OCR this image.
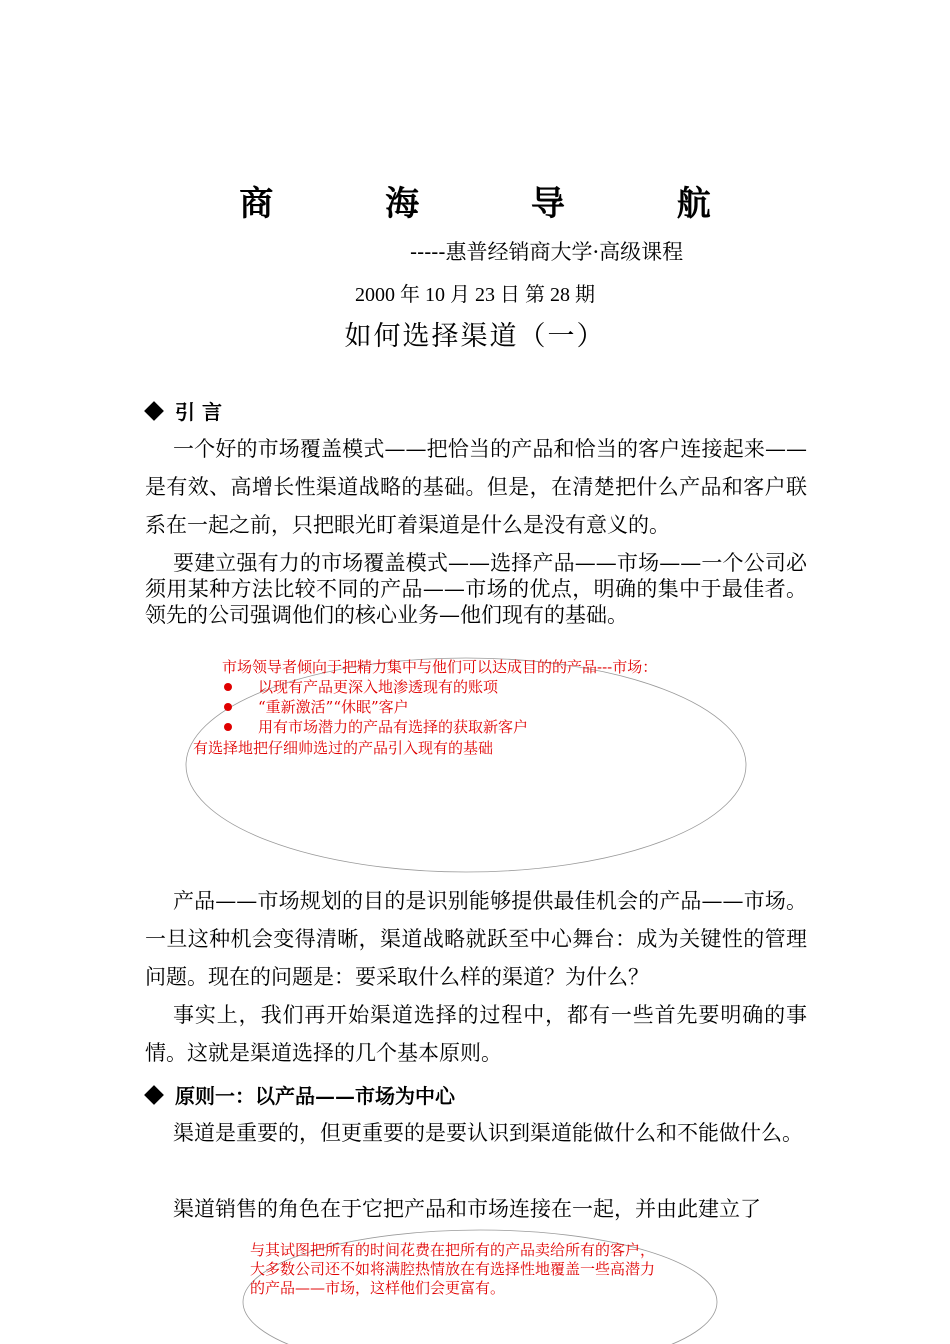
商 海 导 航
-----惠普经销商大学·高级课程
2000 年 10 月 23 日 第 28 期
如何选择渠道（一）
引 言
一个好的市场覆盖模式——把恰当的产品和恰当的客户连接起来——是有效、高增长性渠道战略的基础。但是，在清楚把什么产品和客户联系在一起之前，只把眼光盯着渠道是什么是没有意义的。
要建立强有力的市场覆盖模式——选择产品——市场——一个公司必须用某种方法比较不同的产品——市场的优点，明确的集中于最佳者。领先的公司强调他们的核心业务—他们现有的基础。
市场领导者倾向于把精力集中与他们可以达成目的的产品---市场：
以现有产品更深入地渗透现有的账项
“重新激活”“休眠”客户
用有市场潜力的产品有选择的获取新客户
有选择地把仔细帅选过的产品引入现有的基础
产品——市场规划的目的是识别能够提供最佳机会的产品——市场。一旦这种机会变得清晰，渠道战略就跃至中心舞台：成为关键性的管理问题。现在的问题是：要采取什么样的渠道？为什么？
事实上，我们再开始渠道选择的过程中，都有一些首先要明确的事情。这就是渠道选择的几个基本原则。
原则一：以产品——市场为中心
渠道是重要的，但更重要的是要认识到渠道能做什么和不能做什么。
渠道销售的角色在于它把产品和市场连接在一起，并由此建立了
与其试图把所有的时间花费在把所有的产品卖给所有的客户，
大多数公司还不如将满腔热情放在有选择性地覆盖一些高潜力
的产品——市场，这样他们会更富有。
